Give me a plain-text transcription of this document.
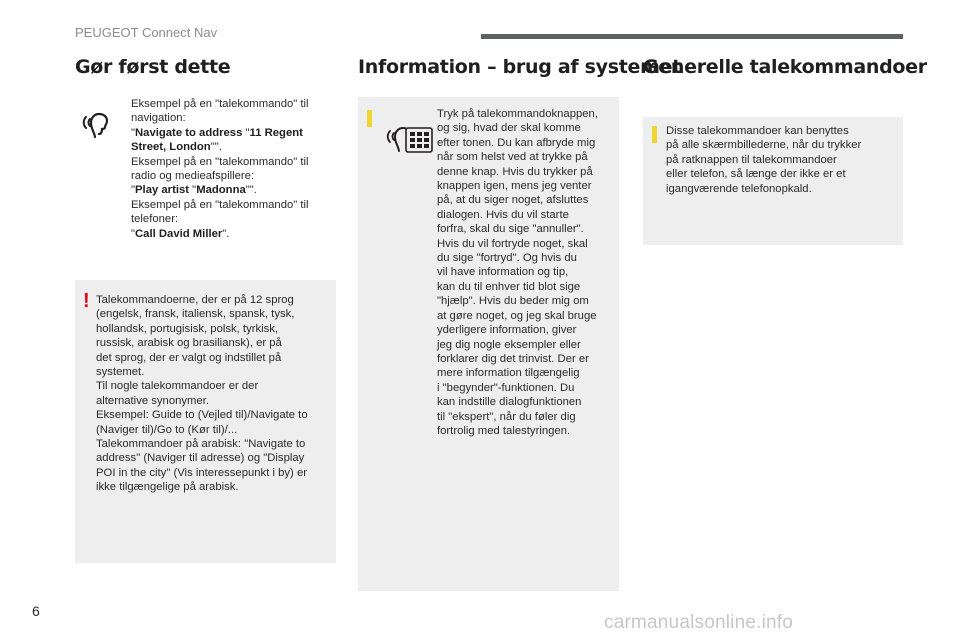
PEUGEOT Connect Nav
Gør først dette
Eksempel på en "talekommando" til
navigation:
"Navigate to address "11 Regent
Street, London"".
Eksempel på en "talekommando" til
radio og medieafspillere:
"Play artist "Madonna"".
Eksempel på en "talekommando" til
telefoner:
"Call David Miller".
! Talekommandoerne, der er på 12 sprog
(engelsk, fransk, italiensk, spansk, tysk,
hollandsk, portugisisk, polsk, tyrkisk,
russisk, arabisk og brasiliansk), er på
det sprog, der er valgt og indstillet på
systemet.
Til nogle talekommandoer er der
alternative synonymer.
Eksempel: Guide to (Vejled til)/Navigate to
(Naviger til)/Go to (Kør til)/...
Talekommandoer på arabisk: "Navigate to
address" (Naviger til adresse) og "Display
POI in the city" (Vis interessepunkt i by) er
ikke tilgængelige på arabisk.
Information – brug af systemet
Tryk på talekommandoknappen,
og sig, hvad der skal komme
efter tonen. Du kan afbryde mig
når som helst ved at trykke på
denne knap. Hvis du trykker på
knappen igen, mens jeg venter
på, at du siger noget, afsluttes
dialogen. Hvis du vil starte
forfra, skal du sige "annuller".
Hvis du vil fortryde noget, skal
du sige "fortryd". Og hvis du
vil have information og tip,
kan du til enhver tid blot sige
"hjælp". Hvis du beder mig om
at gøre noget, og jeg skal bruge
yderligere information, giver
jeg dig nogle eksempler eller
forklarer dig det trinvist. Der er
mere information tilgængelig
i "begynder"-funktionen. Du
kan indstille dialogfunktionen
til "ekspert", når du føler dig
fortrolig med talestyringen.
Generelle talekommandoer
Disse talekommandoer kan benyttes
på alle skærmbillederne, når du trykker
på ratknappen til talekommandoer
eller telefon, så længe der ikke er et
igangværende telefonopkald.
6
carmanualsonline.info
